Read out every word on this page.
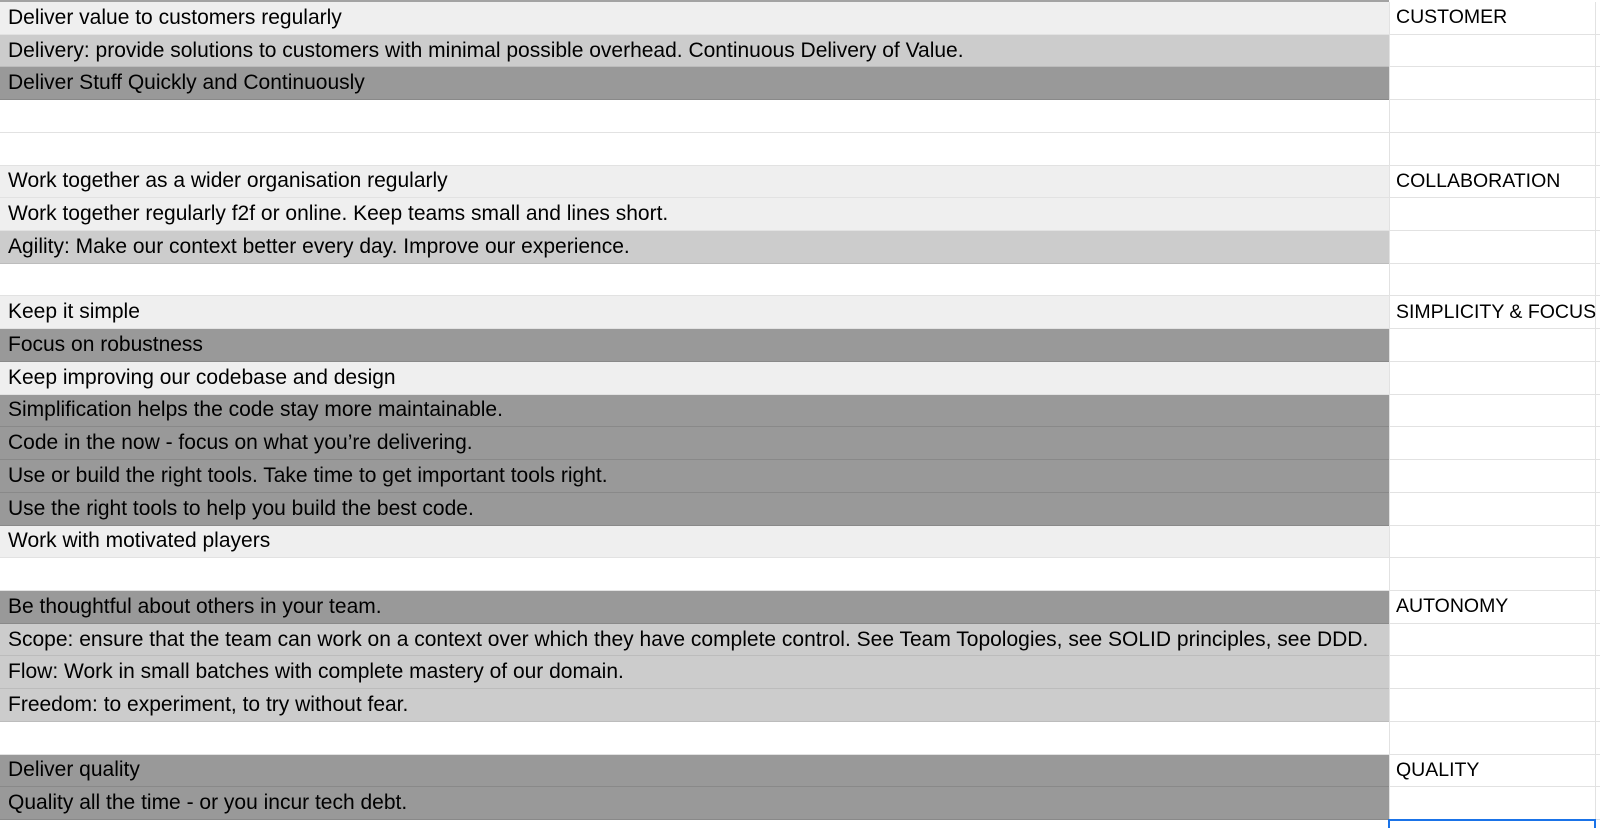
Deliver value to customers regularly	CUSTOMER
Delivery: provide solutions to customers with minimal possible overhead. Continuous Delivery of Value.
Deliver Stuff Quickly and Continuously
Work together as a wider organisation regularly	COLLABORATION
Work together regularly f2f or online. Keep teams small and lines short.
Agility: Make our context better every day. Improve our experience.
Keep it simple	SIMPLICITY & FOCUS
Focus on robustness
Keep improving our codebase and design
Simplification helps the code stay more maintainable.
Code in the now - focus on what you’re delivering.
Use or build the right tools. Take time to get important tools right.
Use the right tools to help you build the best code.
Work with motivated players
Be thoughtful about others in your team.	AUTONOMY
Scope: ensure that the team can work on a context over which they have complete control. See Team Topologies, see SOLID principles, see DDD.
Flow: Work in small batches with complete mastery of our domain.
Freedom: to experiment, to try without fear.
Deliver quality	QUALITY
Quality all the time - or you incur tech debt.
